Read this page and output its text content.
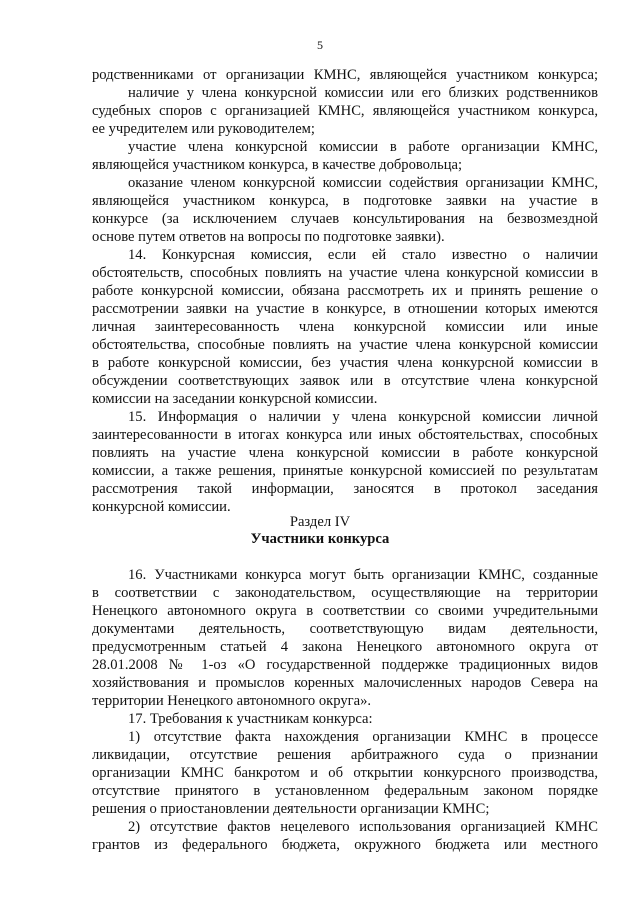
5
родственниками от организации КМНС, являющейся участником конкурса;
наличие у члена конкурсной комиссии или его близких родственников
судебных споров с организацией КМНС, являющейся участником конкурса,
ее учредителем или руководителем;
участие члена конкурсной комиссии в работе организации КМНС,
являющейся участником конкурса, в качестве добровольца;
оказание членом конкурсной комиссии содействия организации КМНС,
являющейся участником конкурса, в подготовке заявки на участие в
конкурсе (за исключением случаев консультирования на безвозмездной
основе путем ответов на вопросы по подготовке заявки).
14. Конкурсная комиссия, если ей стало известно о наличии
обстоятельств, способных повлиять на участие члена конкурсной комиссии в
работе конкурсной комиссии, обязана рассмотреть их и принять решение о
рассмотрении заявки на участие в конкурсе, в отношении которых имеются
личная заинтересованность члена конкурсной комиссии или иные
обстоятельства, способные повлиять на участие члена конкурсной комиссии
в работе конкурсной комиссии, без участия члена конкурсной комиссии в
обсуждении соответствующих заявок или в отсутствие члена конкурсной
комиссии на заседании конкурсной комиссии.
15. Информация о наличии у члена конкурсной комиссии личной
заинтересованности в итогах конкурса или иных обстоятельствах, способных
повлиять на участие члена конкурсной комиссии в работе конкурсной
комиссии, а также решения, принятые конкурсной комиссией по результатам
рассмотрения такой информации, заносятся в протокол заседания
конкурсной комиссии.
Раздел IV
Участники конкурса
16. Участниками конкурса могут быть организации КМНС, созданные
в соответствии с законодательством, осуществляющие на территории
Ненецкого автономного округа в соответствии со своими учредительными
документами деятельность, соответствующую видам деятельности,
предусмотренным статьей 4 закона Ненецкого автономного округа от
28.01.2008 № 1-оз «О государственной поддержке традиционных видов
хозяйствования и промыслов коренных малочисленных народов Севера на
территории Ненецкого автономного округа».
17. Требования к участникам конкурса:
1) отсутствие факта нахождения организации КМНС в процессе
ликвидации, отсутствие решения арбитражного суда о признании
организации КМНС банкротом и об открытии конкурсного производства,
отсутствие принятого в установленном федеральным законом порядке
решения о приостановлении деятельности организации КМНС;
2) отсутствие фактов нецелевого использования организацией КМНС
грантов из федерального бюджета, окружного бюджета или местного
